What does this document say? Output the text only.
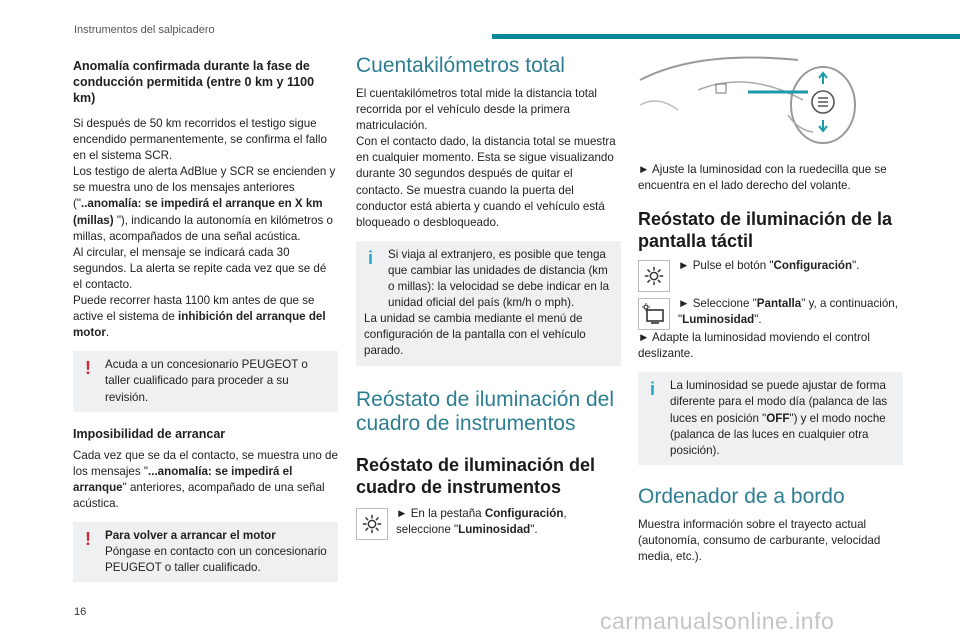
Instrumentos del salpicadero
Anomalía confirmada durante la fase de conducción permitida (entre 0 km y 1100 km)
Si después de 50 km recorridos el testigo sigue encendido permanentemente, se confirma el fallo en el sistema SCR.
Los testigo de alerta AdBlue y SCR se encienden y se muestra uno de los mensajes anteriores ("..anomalía: se impedirá el arranque en X km (millas) "), indicando la autonomía en kilómetros o millas, acompañados de una señal acústica.
Al circular, el mensaje se indicará cada 30 segundos. La alerta se repite cada vez que se dé el contacto.
Puede recorrer hasta 1100 km antes de que se active el sistema de inhibición del arranque del motor.
!	Acuda a un concesionario PEUGEOT o taller cualificado para proceder a su revisión.
Imposibilidad de arrancar
Cada vez que se da el contacto, se muestra uno de los mensajes "...anomalía: se impedirá el arranque" anteriores, acompañado de una señal acústica.
!	Para volver a arrancar el motor
Póngase en contacto con un concesionario PEUGEOT o taller cualificado.
Cuentakilómetros total
El cuentakilómetros total mide la distancia total recorrida por el vehículo desde la primera matriculación.
Con el contacto dado, la distancia total se muestra en cualquier momento. Esta se sigue visualizando durante 30 segundos después de quitar el contacto. Se muestra cuando la puerta del conductor está abierta y cuando el vehículo está bloqueado o desbloqueado.
i	Si viaja al extranjero, es posible que tenga que cambiar las unidades de distancia (km o millas): la velocidad se debe indicar en la unidad oficial del país (km/h o mph).
La unidad se cambia mediante el menú de configuración de la pantalla con el vehículo parado.
Reóstato de iluminación del cuadro de instrumentos
Reóstato de iluminación del cuadro de instrumentos
► En la pestaña Configuración, seleccione "Luminosidad".
► Ajuste la luminosidad con la ruedecilla que se encuentra en el lado derecho del volante.
Reóstato de iluminación de la pantalla táctil
► Pulse el botón "Configuración".
► Seleccione "Pantalla" y, a continuación, "Luminosidad".
► Adapte la luminosidad moviendo el control deslizante.
i	La luminosidad se puede ajustar de forma diferente para el modo día (palanca de las luces en posición "OFF") y el modo noche (palanca de las luces en cualquier otra posición).
Ordenador de a bordo
Muestra información sobre el trayecto actual (autonomía, consumo de carburante, velocidad media, etc.).
16	carmanualsonline.info
